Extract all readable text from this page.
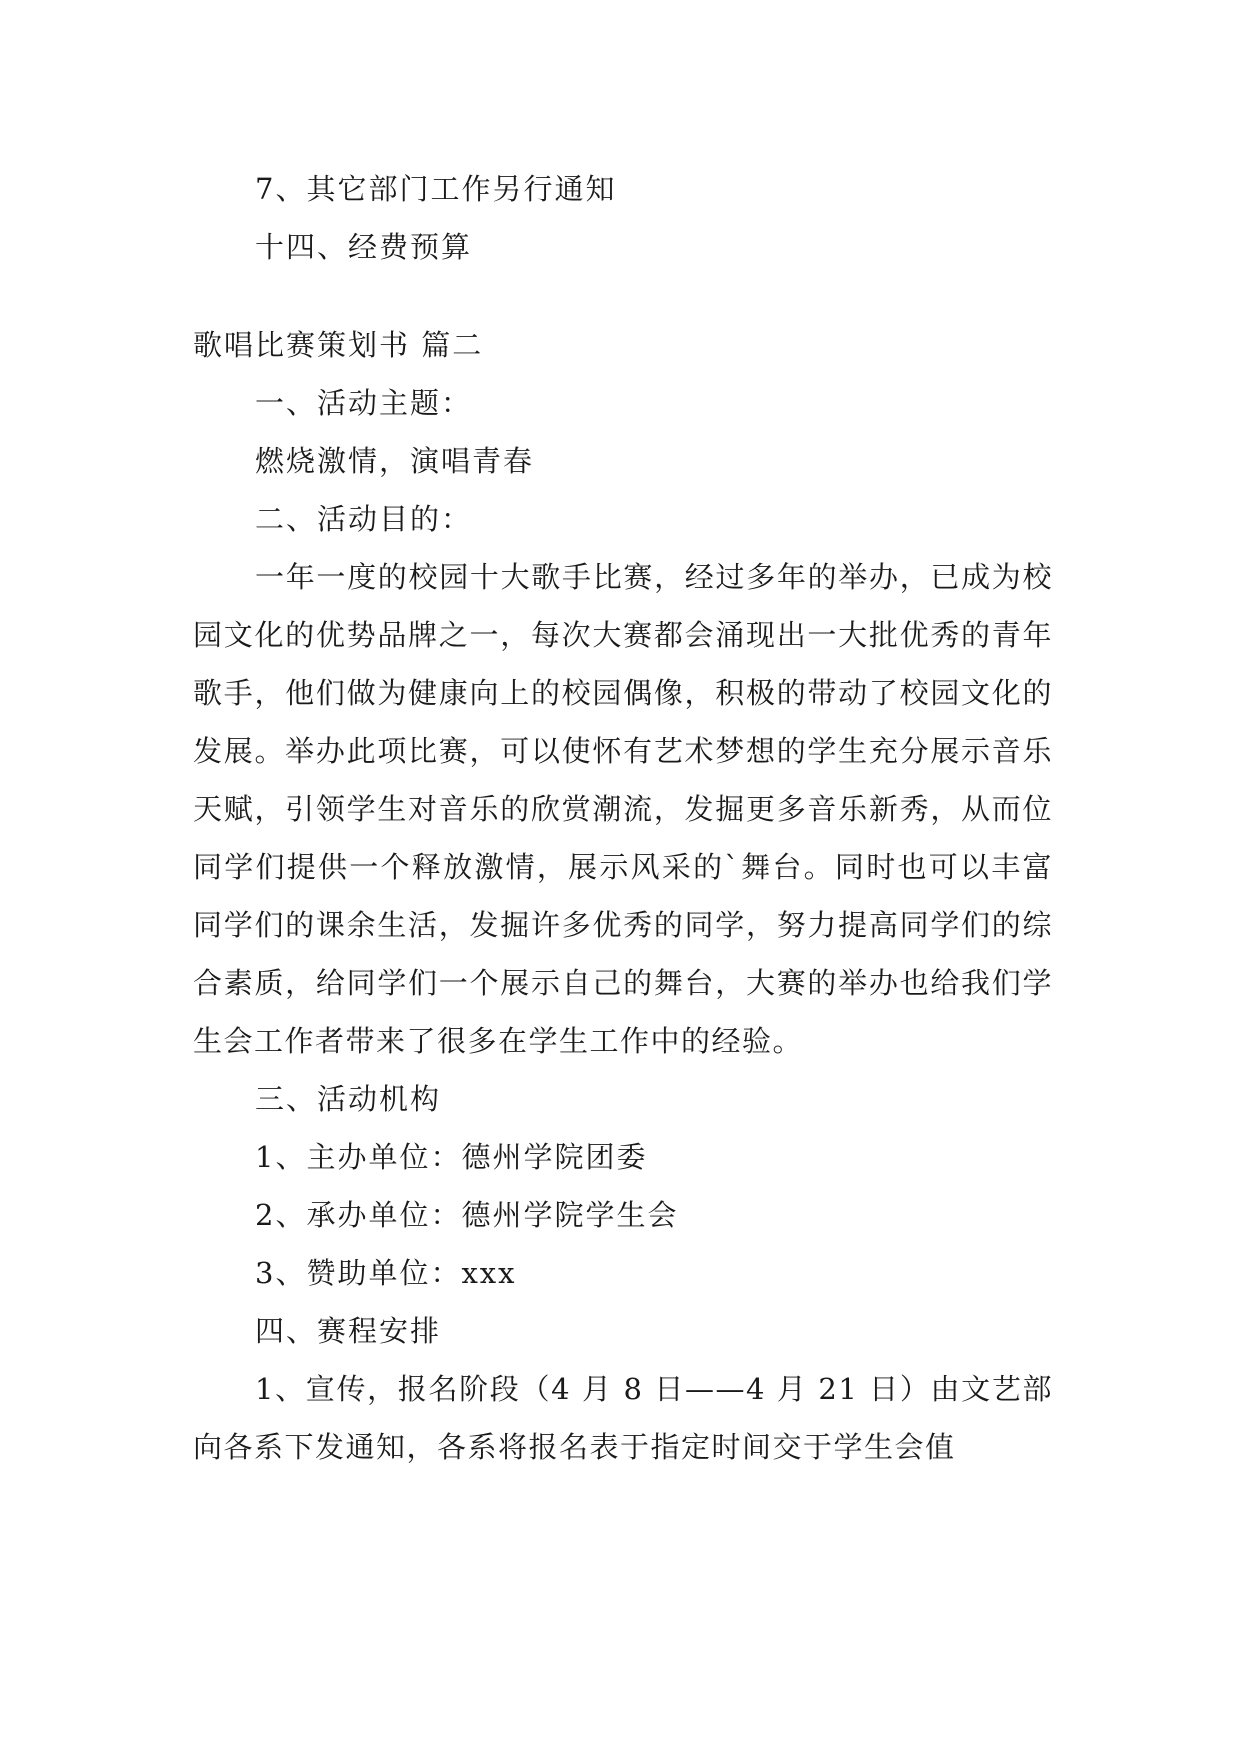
7、其它部门工作另行通知
十四、经费预算
歌唱比赛策划书 篇二
一、活动主题：
燃烧激情，演唱青春
二、活动目的：

一年一度的校园十大歌手比赛，经过多年的举办，已成为校园文化的优势品牌之一，每次大赛都会涌现出一大批优秀的青年歌手，他们做为健康向上的校园偶像，积极的带动了校园文化的发展。举办此项比赛，可以使怀有艺术梦想的学生充分展示音乐天赋，引领学生对音乐的欣赏潮流，发掘更多音乐新秀，从而位同学们提供一个释放激情，展示风采的`舞台。同时也可以丰富同学们的课余生活，发掘许多优秀的同学，努力提高同学们的综合素质，给同学们一个展示自己的舞台，大赛的举办也给我们学生会工作者带来了很多在学生工作中的经验。

三、活动机构
1、主办单位：德州学院团委
2、承办单位：德州学院学生会
3、赞助单位：xxx
四、赛程安排

1、宣传，报名阶段（4 月 8 日——4 月 21 日）由文艺部向各系下发通知，各系将报名表于指定时间交于学生会值
